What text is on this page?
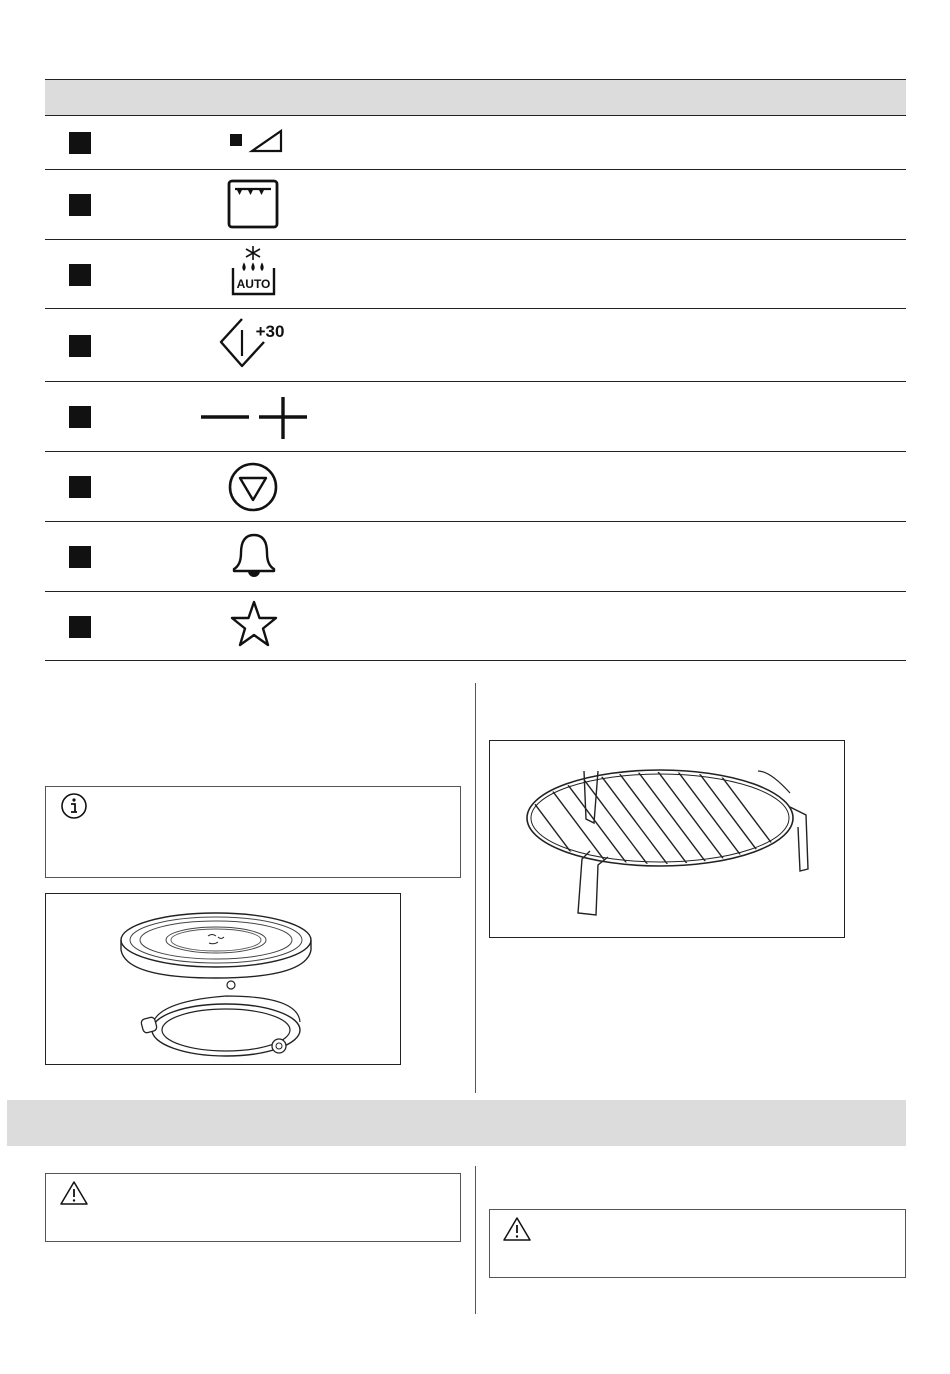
AUTO
+30
